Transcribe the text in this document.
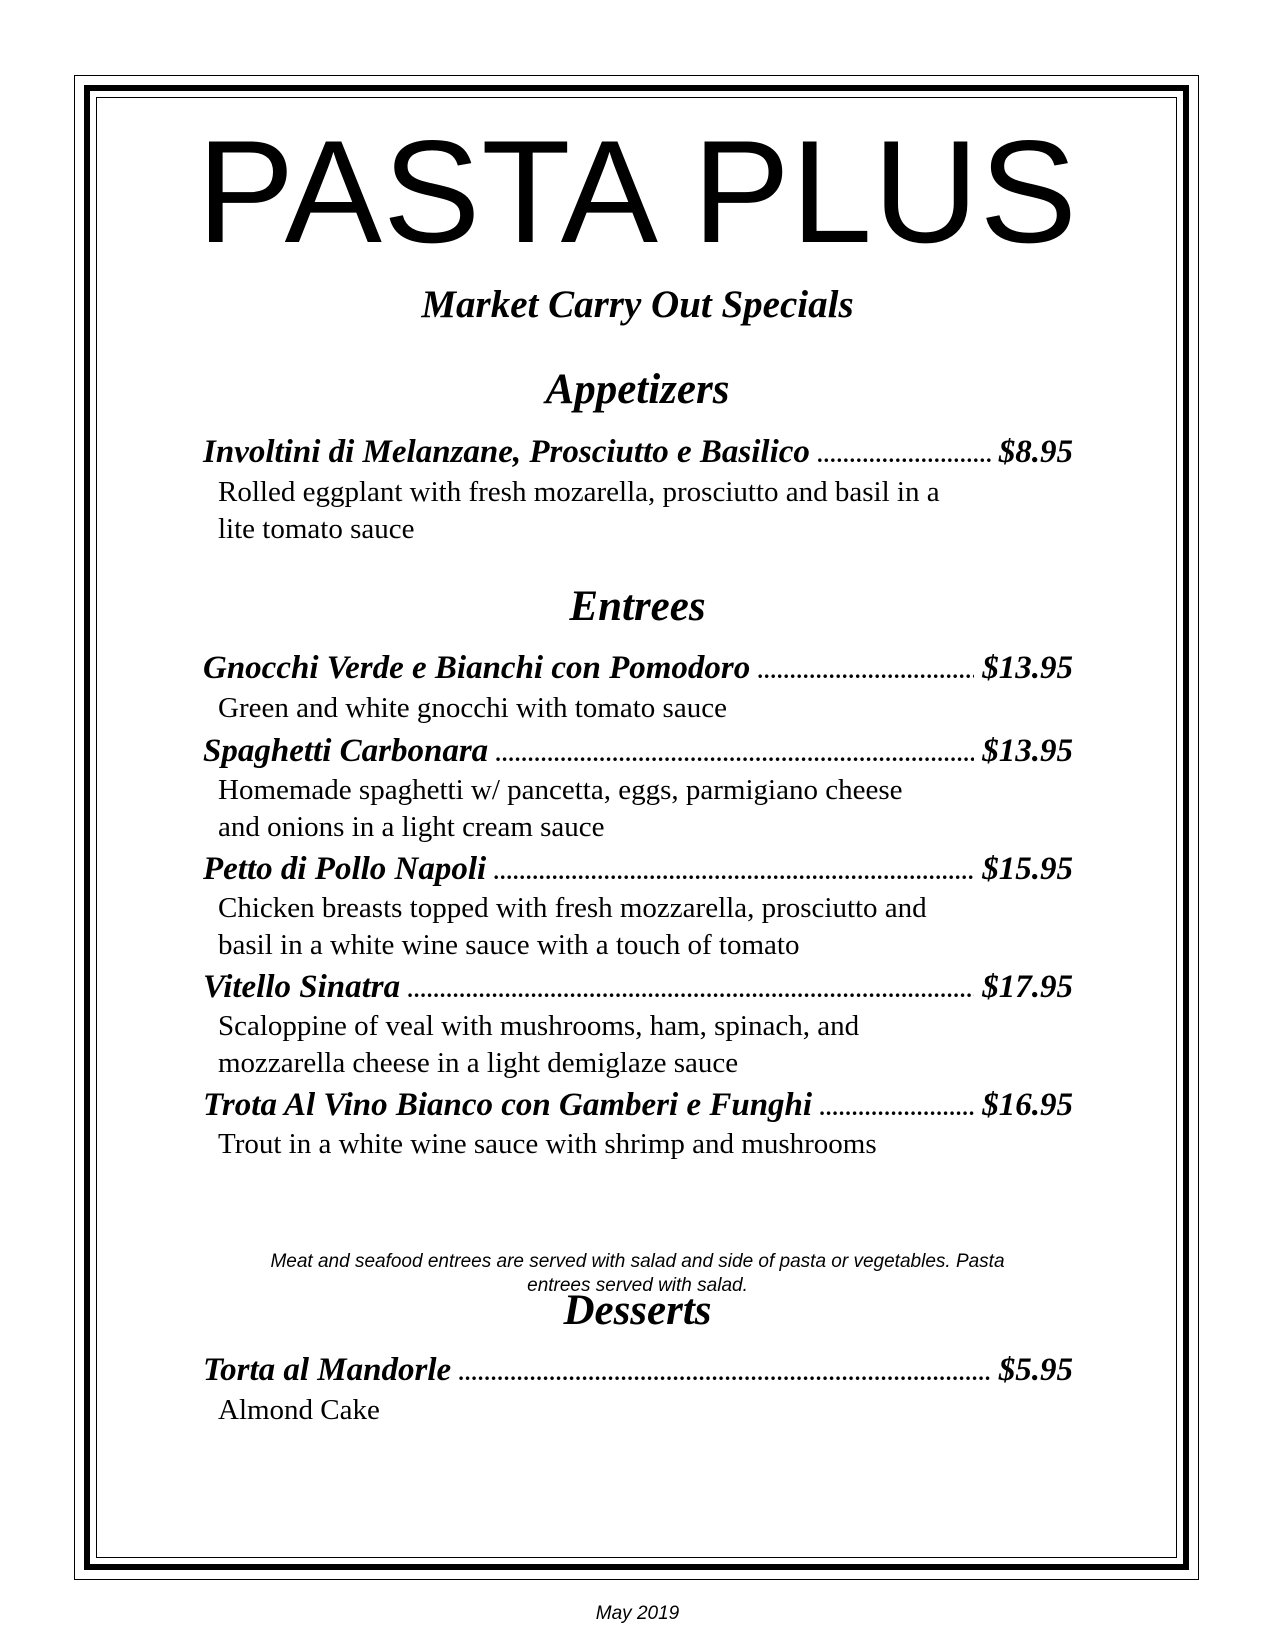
PASTA PLUS
Market Carry Out Specials
Appetizers
Involtini di Melanzane, Prosciutto e Basilico .....	$8.95
Rolled eggplant with fresh mozarella, prosciutto and basil in a
lite tomato sauce
Entrees
Gnocchi Verde e Bianchi con Pomodoro .....	$13.95
Green and white gnocchi with tomato sauce
Spaghetti Carbonara .....	$13.95
Homemade spaghetti w/ pancetta, eggs, parmigiano cheese
and onions in a light cream sauce
Petto di Pollo Napoli .....	$15.95
Chicken breasts topped with fresh mozzarella, prosciutto and
basil in a white wine sauce with a touch of tomato
Vitello Sinatra .....	$17.95
Scaloppine of veal with mushrooms, ham, spinach, and
mozzarella cheese in a light demiglaze sauce
Trota Al Vino Bianco con Gamberi e Funghi .....	$16.95
Trout in a white wine sauce with shrimp and mushrooms
Meat and seafood entrees are served with salad and side of pasta or vegetables. Pasta
entrees served with salad.
Desserts
Torta al Mandorle .....	$5.95
Almond Cake
May 2019
